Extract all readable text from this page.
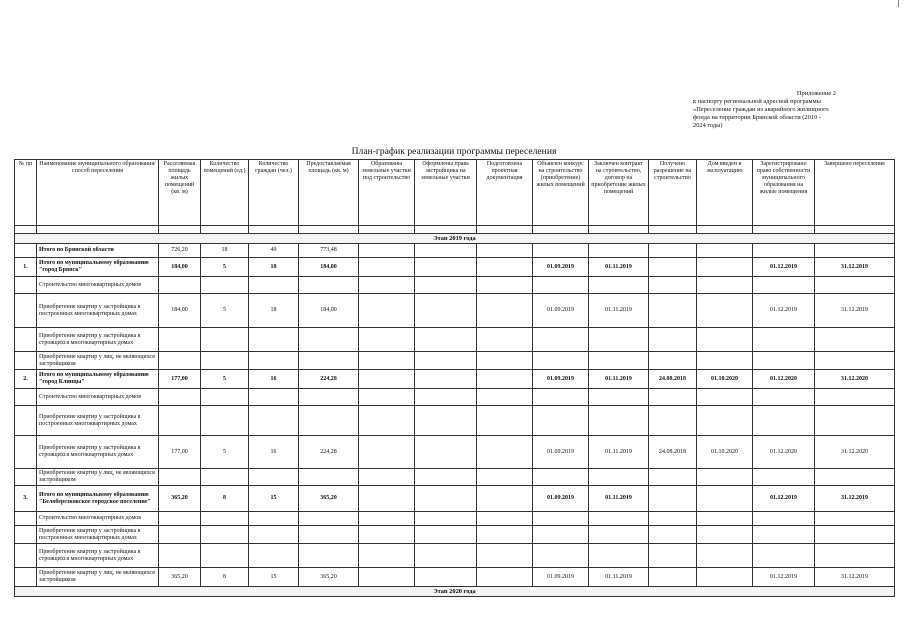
Приложение 2
к паспорту региональной адресной программы
«Переселение граждан из аварийного жилищного
фонда на территории Брянской области (2019 -
2024 годы)
План-график реализации программы переселения
№ пп	Наименование муниципального образования/способ переселения	Расселяемая площадь жилых помещений (кв. м)	Количество помещений (ед.)	Количество граждан (чел.)	Предоставляемая площадь (кв. м)	Образованы земельные участки под строительство	Оформлены права застройщика на земельные участки	Подготовлена проектная документация	Объявлен конкурс на строительство (приобретение) жилых помещений	Заключен контракт на строительство, договор на приобретение жилых помещений	Получено разрешение на строительство	Дом введен в эксплуатацию	Зарегистрировано право собственности муниципального образования на жилые помещения	Завершено переселение

Этап 2019 года														
	Итого по Брянской области	726,20	18	49	773,48									
1.	Итого по муниципальному образованию "город Брянск"	184,00	5	18	184,00				01.09.2019	01.11.2019			01.12.2019	31.12.2019
	Строительство многоквартирных домов													
	Приобретение квартир у застройщика в построенных многоквартирных домах	184,00	5	18	184,00				01.09.2019	01.11.2019			01.12.2019	31.12.2019
	Приобретение квартир у застройщика в строящихся многоквартирных домах													
	Приобретение квартир у лиц, не являющихся застройщиком													
2.	Итого по муниципальному образованию "город Клинцы"	177,00	5	16	224,28				01.09.2019	01.11.2019	24.08.2018	01.10.2020	01.12.2020	31.12.2020
	Строительство многоквартирных домов													
	Приобретение квартир у застройщика в построенных многоквартирных домах													
	Приобретение квартир у застройщика в строящихся многоквартирных домах	177,00	5	16	224,28				01.09.2019	01.11.2019	24.08.2018	01.10.2020	01.12.2020	31.12.2020
	Приобретение квартир у лиц, не являющихся застройщиком													
3.	Итого по муниципальному образованию "Белоберезковское городское поселение"	365,20	8	15	365,20				01.09.2019	01.11.2019			01.12.2019	31.12.2019
	Строительство многоквартирных домов													
	Приобретение квартир у застройщика в построенных многоквартирных домах													
	Приобретение квартир у застройщика в строящихся многоквартирных домах													
	Приобретение квартир у лиц, не являющихся застройщиком	365,20	8	15	365,20				01.09.2019	01.11.2019			01.12.2019	31.12.2019
Этап 2020 года														
